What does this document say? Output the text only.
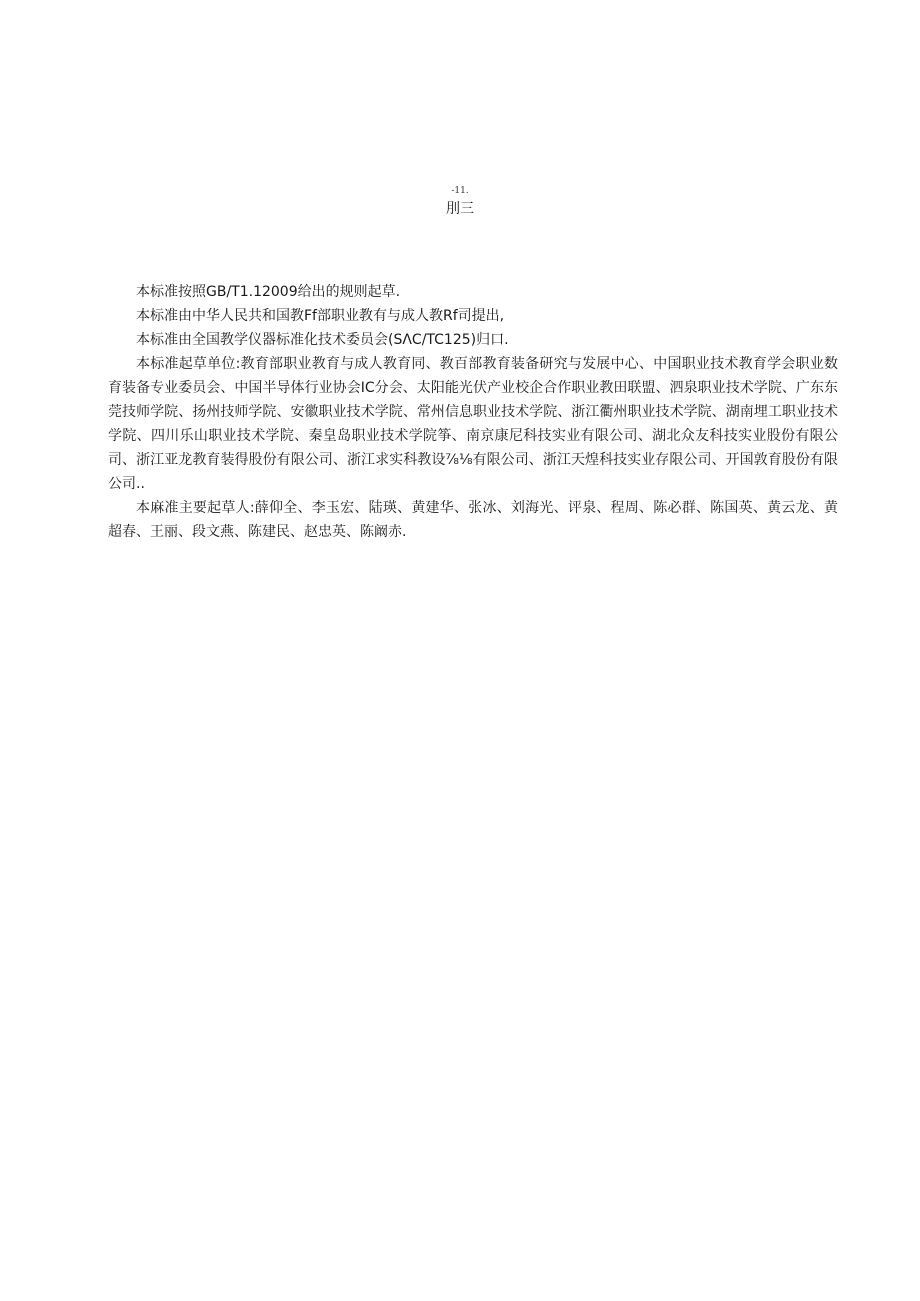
-11.
刖三

本标准按照GB/T1.12009给出的规则起草.

本标准由中华人民共和国教Ff部职业教有与成人教Rf司提出,

本标准由全国教学仪器标准化技术委员会(SΛC/TC125)归口.

本标准起草单位:教育部职业教育与成人教育同、教百部教育装备研究与发展中心、中国职业技术教育学会职业数育装备专业委员会、中国半导体行业协会IC分会、太阳能光伏产业校企合作职业教田联盟、泗泉职业技术学院、广东东莞技师学院、扬州技师学院、安徽职业技术学院、常州信息职业技术学院、浙江衢州职业技术学院、湖南埋工职业技术学院、四川乐山职业技术学院、秦皇岛职业技术学院筝、南京康尼科技实业有限公司、湖北众友科技实业股份有限公司、浙江亚龙教育装得股份有限公司、浙江求实科教设⅞⅛有限公司、浙江天煌科技实业存限公司、开国敦育股份有限公司..

本麻准主要起草人:薛仰全、李玉宏、陆瑛、黄建华、张冰、刘海光、评泉、程周、陈必群、陈国英、黄云龙、黄超春、王丽、段文燕、陈建民、赵忠英、陈阚赤.
